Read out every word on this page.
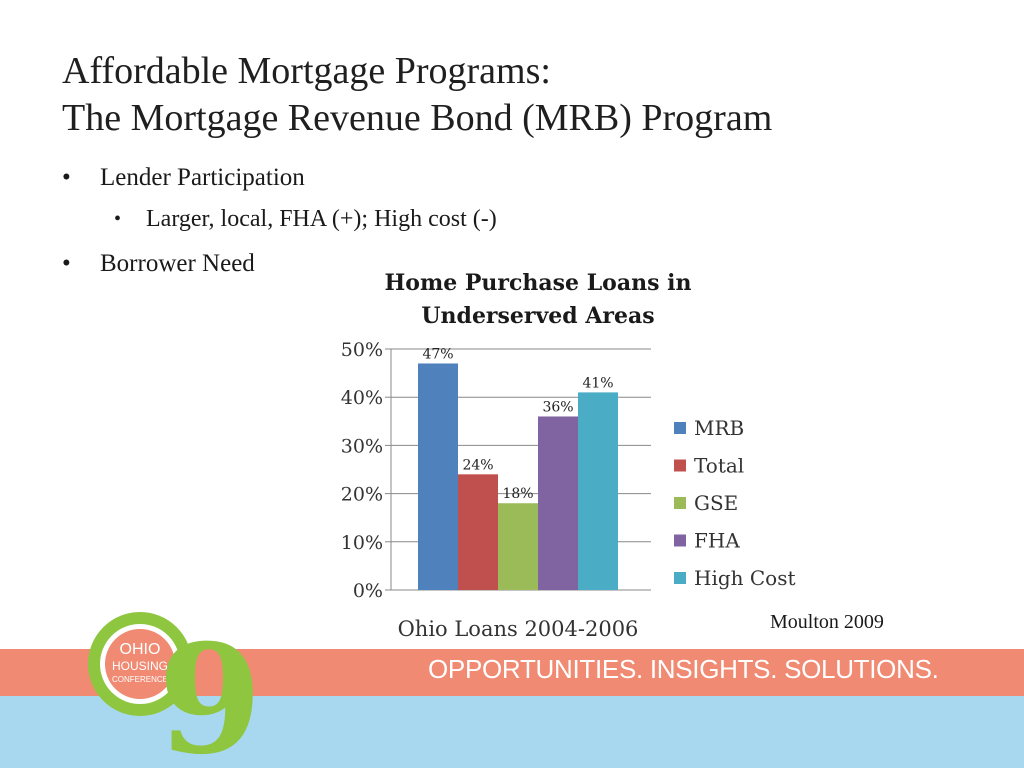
Affordable Mortgage Programs:
The Mortgage Revenue Bond (MRB) Program
• Lender Participation
• Larger, local, FHA (+); High cost (-)
• Borrower Need
Home Purchase Loans in
Underserved Areas
0%
10%
20%
30%
40%
50%	47%
24%
18%
36%
41%
MRB
Total
GSE
FHA
High Cost
Ohio Loans 2004-2006	Moulton 2009
OPPORTUNITIES. INSIGHTS. SOLUTIONS.
OHIO
HOUSING
CONFERENCE
9
